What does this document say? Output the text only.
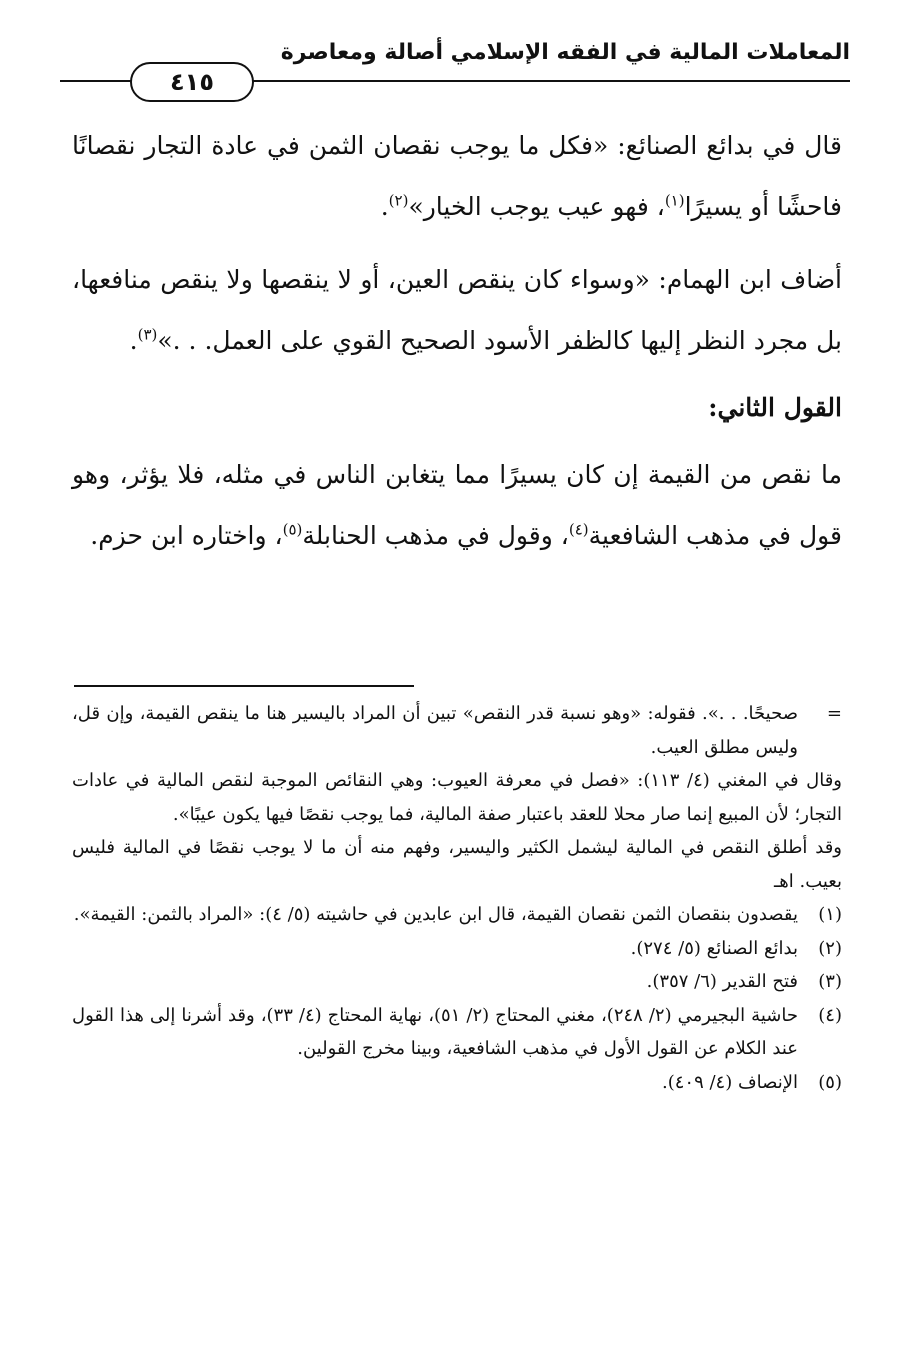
المعاملات المالية في الفقه الإسلامي أصالة ومعاصرة
٤١٥

قال في بدائع الصنائع: «فكل ما يوجب نقصان الثمن في عادة التجار نقصانًا فاحشًا أو يسيرًا$^{(١)}$، فهو عيب يوجب الخيار»$^{(٢)}$.

أضاف ابن الهمام: «وسواء كان ينقص العين، أو لا ينقصها ولا ينقص منافعها، بل مجرد النظر إليها كالظفر الأسود الصحيح القوي على العمل. . .»$^{(٣)}$.

القول الثاني:

ما نقص من القيمة إن كان يسيرًا مما يتغابن الناس في مثله، فلا يؤثر، وهو قول في مذهب الشافعية$^{(٤)}$، وقول في مذهب الحنابلة$^{(٥)}$، واختاره ابن حزم.

=
صحيحًا. . .». فقوله: «وهو نسبة قدر النقص» تبين أن المراد باليسير هنا ما ينقص القيمة، وإن قل، وليس مطلق العيب.

وقال في المغني (٤/ ١١٣): «فصل في معرفة العيوب: وهي النقائص الموجبة لنقص المالية في عادات التجار؛ لأن المبيع إنما صار محلا للعقد باعتبار صفة المالية، فما يوجب نقصًا فيها يكون عيبًا».

وقد أطلق النقص في المالية ليشمل الكثير واليسير، وفهم منه أن ما لا يوجب نقصًا في المالية فليس بعيب. اهـ

(١)
يقصدون بنقصان الثمن نقصان القيمة، قال ابن عابدين في حاشيته (٥/ ٤): «المراد بالثمن: القيمة».
(٢)
بدائع الصنائع (٥/ ٢٧٤).
(٣)
فتح القدير (٦/ ٣٥٧).
(٤)
حاشية البجيرمي (٢/ ٢٤٨)، مغني المحتاج (٢/ ٥١)، نهاية المحتاج (٤/ ٣٣)، وقد أشرنا إلى هذا القول عند الكلام عن القول الأول في مذهب الشافعية، وبينا مخرج القولين.
(٥)
الإنصاف (٤/ ٤٠٩).
